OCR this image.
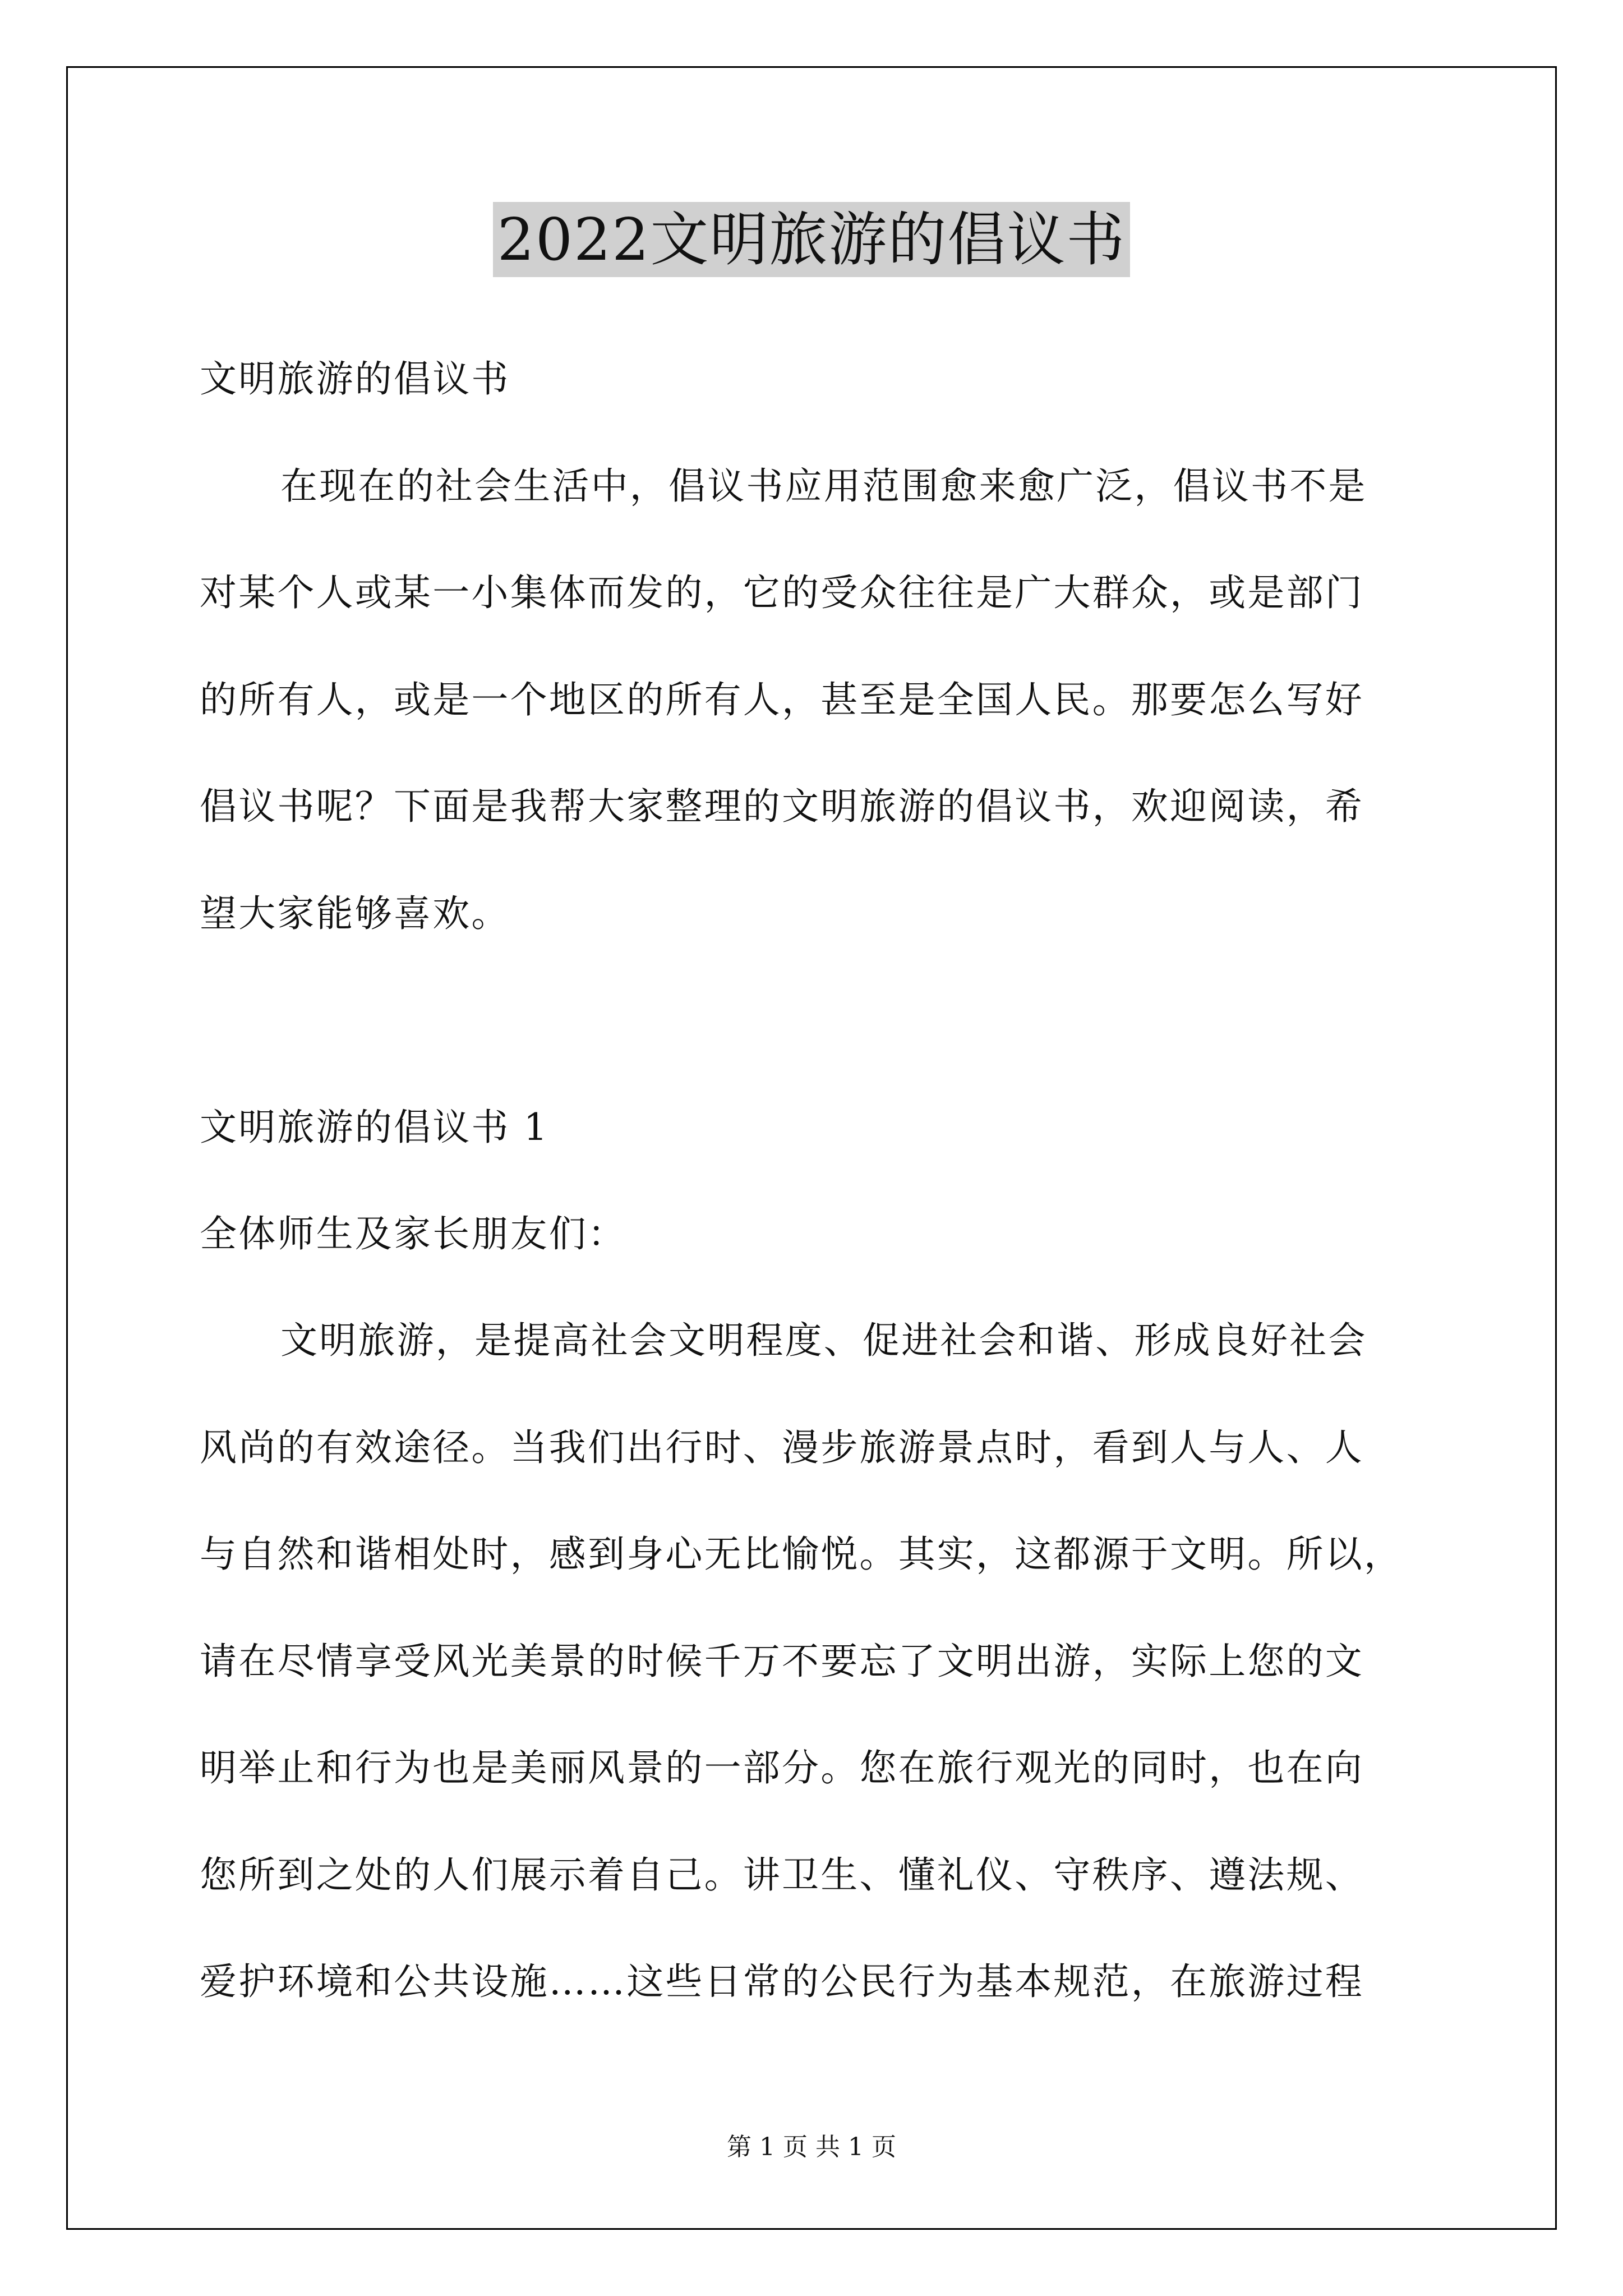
2022文明旅游的倡议书
文明旅游的倡议书
在现在的社会生活中，倡议书应用范围愈来愈广泛，倡议书不是
对某个人或某一小集体而发的，它的受众往往是广大群众，或是部门
的所有人，或是一个地区的所有人，甚至是全国人民。那要怎么写好
倡议书呢？下面是我帮大家整理的文明旅游的倡议书，欢迎阅读，希
望大家能够喜欢。
文明旅游的倡议书 1
全体师生及家长朋友们：
文明旅游，是提高社会文明程度、促进社会和谐、形成良好社会
风尚的有效途径。当我们出行时、漫步旅游景点时，看到人与人、人
与自然和谐相处时，感到身心无比愉悦。其实，这都源于文明。所以，
请在尽情享受风光美景的时候千万不要忘了文明出游，实际上您的文
明举止和行为也是美丽风景的一部分。您在旅行观光的同时，也在向
您所到之处的人们展示着自己。讲卫生、懂礼仪、守秩序、遵法规、
爱护环境和公共设施……这些日常的公民行为基本规范，在旅游过程
第 1 页 共 1 页
